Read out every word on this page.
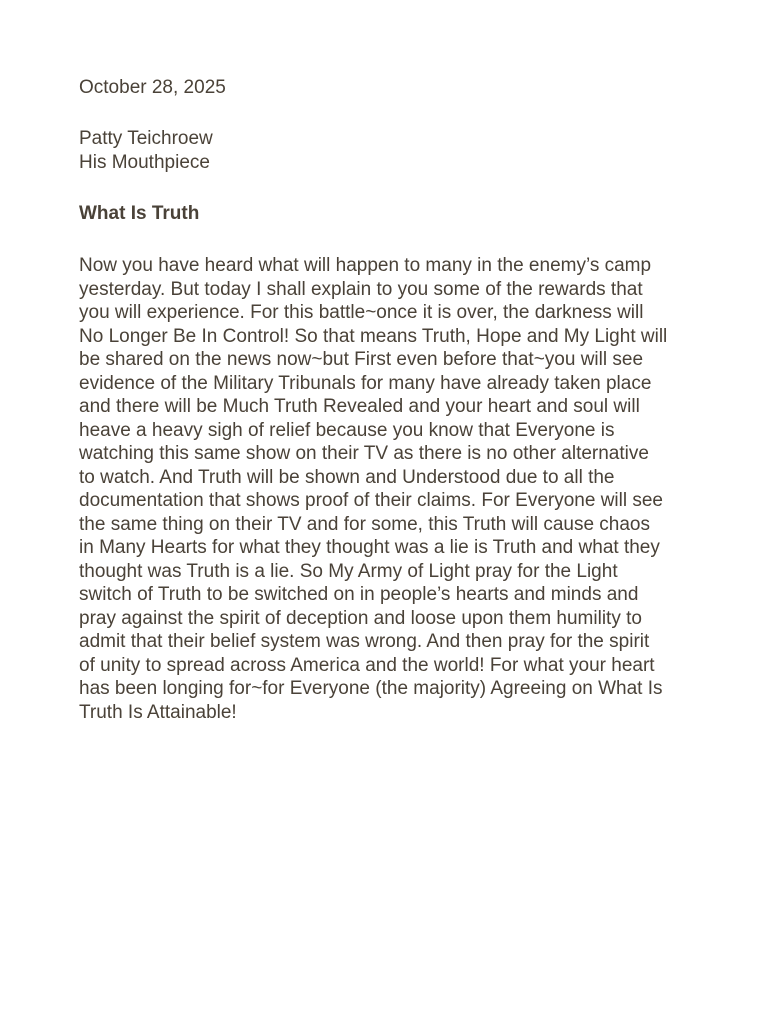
October 28, 2025
Patty Teichroew
His Mouthpiece
What Is Truth
Now you have heard what will happen to many in the enemy’s camp
yesterday. But today I shall explain to you some of the rewards that
you will experience. For this battle~once it is over, the darkness will
No Longer Be In Control! So that means Truth, Hope and My Light will
be shared on the news now~but First even before that~you will see
evidence of the Military Tribunals for many have already taken place
and there will be Much Truth Revealed and your heart and soul will
heave a heavy sigh of relief because you know that Everyone is
watching this same show on their TV as there is no other alternative
to watch. And Truth will be shown and Understood due to all the
documentation that shows proof of their claims. For Everyone will see
the same thing on their TV and for some, this Truth will cause chaos
in Many Hearts for what they thought was a lie is Truth and what they
thought was Truth is a lie. So My Army of Light pray for the Light
switch of Truth to be switched on in people’s hearts and minds and
pray against the spirit of deception and loose upon them humility to
admit that their belief system was wrong. And then pray for the spirit
of unity to spread across America and the world! For what your heart
has been longing for~for Everyone (the majority) Agreeing on What Is
Truth Is Attainable!
